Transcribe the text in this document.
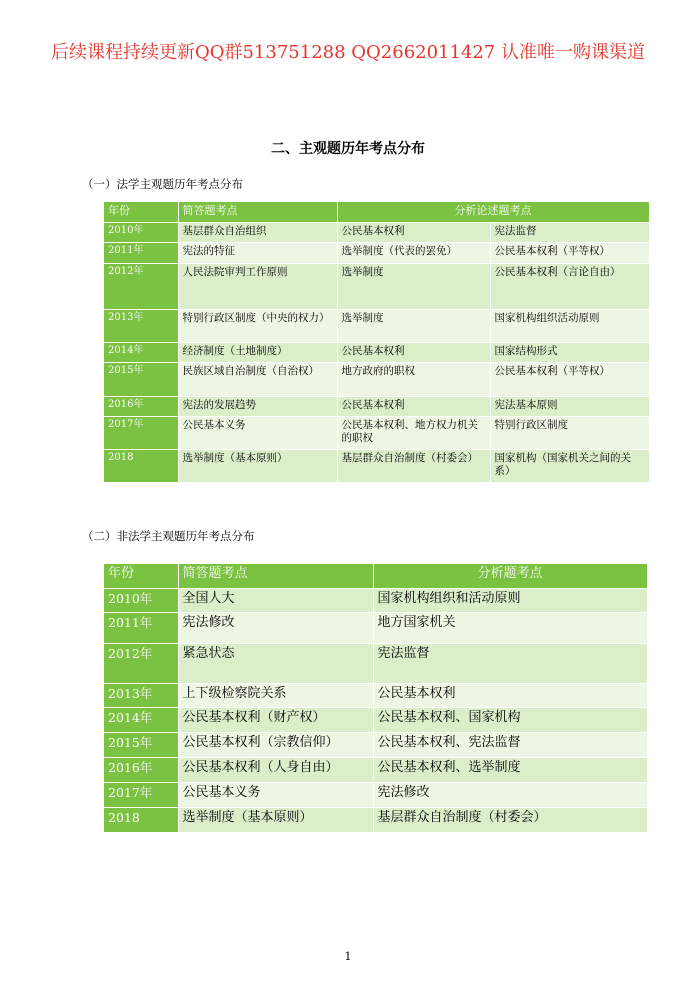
后续课程持续更新QQ群513751288 QQ2662011427 认准唯一购课渠道
二、主观题历年考点分布
（一）法学主观题历年考点分布
年份	简答题考点	分析论述题考点	
2010年	基层群众自治组织	公民基本权利	宪法监督
2011年	宪法的特征	选举制度（代表的罢免）	公民基本权利（平等权）
2012年	人民法院审判工作原则	选举制度	公民基本权利（言论自由）
2013年	特别行政区制度（中央的权力）	选举制度	国家机构组织活动原则
2014年	经济制度（土地制度）	公民基本权利	国家结构形式
2015年	民族区域自治制度（自治权）	地方政府的职权	公民基本权利（平等权）
2016年	宪法的发展趋势	公民基本权利	宪法基本原则
2017年	公民基本义务	公民基本权利、地方权力机关的职权	特别行政区制度
2018	选举制度（基本原则）	基层群众自治制度（村委会）	国家机构（国家机关之间的关系）
（二）非法学主观题历年考点分布
年份	简答题考点	分析题考点
2010年	全国人大	国家机构组织和活动原则
2011年	宪法修改	地方国家机关
2012年	紧急状态	宪法监督
2013年	上下级检察院关系	公民基本权利
2014年	公民基本权利（财产权）	公民基本权利、国家机构
2015年	公民基本权利（宗教信仰）	公民基本权利、宪法监督
2016年	公民基本权利（人身自由）	公民基本权利、选举制度
2017年	公民基本义务	宪法修改
2018	选举制度（基本原则）	基层群众自治制度（村委会）
1
